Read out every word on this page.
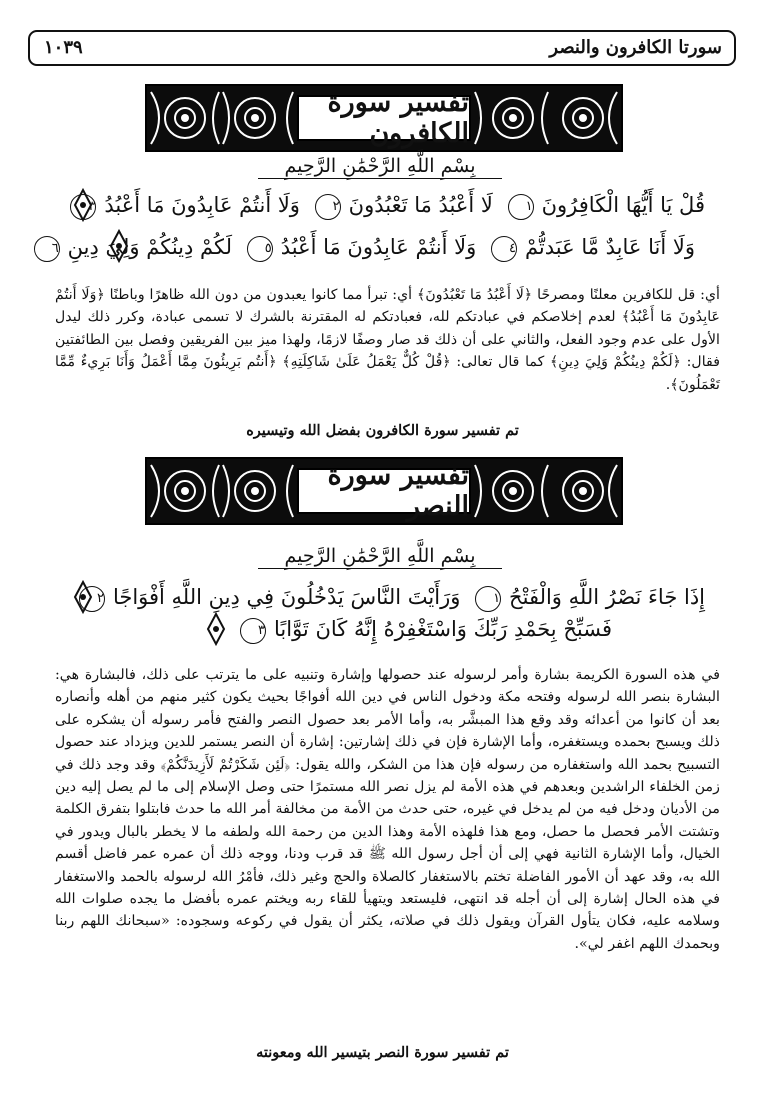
سورتا الكافرون والنصر
١٠٣٩
تفسير سورة الكافرون
بِسْمِ اللَّهِ الرَّحْمَٰنِ الرَّحِيمِ
قُلْ يَا أَيُّهَا الْكَافِرُونَ١ لَا أَعْبُدُ مَا تَعْبُدُونَ٢ وَلَا أَنتُمْ عَابِدُونَ مَا أَعْبُدُ٣
وَلَا أَنَا عَابِدٌ مَّا عَبَدتُّمْ٤ وَلَا أَنتُمْ عَابِدُونَ مَا أَعْبُدُ٥ لَكُمْ دِينُكُمْ وَلِيَ دِينِ٦

أي: قل للكافرين معلنًا ومصرحًا ﴿لَا أَعْبُدُ مَا تَعْبُدُونَ﴾ أي: تبرأ مما كانوا يعبدون من دون الله ظاهرًا وباطنًا ﴿وَلَا أَنتُمْ عَابِدُونَ مَا أَعْبُدُ﴾ لعدم إخلاصكم في عبادتكم لله، فعبادتكم له المقترنة بالشرك لا تسمى عبادة، وكرر ذلك ليدل الأول على عدم وجود الفعل، والثاني على أن ذلك قد صار وصفًا لازمًا، ولهذا ميز بين الفريقين وفصل بين الطائفتين فقال: ﴿لَكُمْ دِينُكُمْ وَلِيَ دِينِ﴾ كما قال تعالى: ﴿قُلْ كُلٌّ يَعْمَلُ عَلَىٰ شَاكِلَتِهِ﴾ ﴿أَنتُم بَرِيئُونَ مِمَّا أَعْمَلُ وَأَنَا بَرِيءٌ مِّمَّا تَعْمَلُونَ﴾.

تم تفسير سورة الكافرون بفضل الله وتيسيره
تفسير سورة النصر
بِسْمِ اللَّهِ الرَّحْمَٰنِ الرَّحِيمِ
إِذَا جَاءَ نَصْرُ اللَّهِ وَالْفَتْحُ١ وَرَأَيْتَ النَّاسَ يَدْخُلُونَ فِي دِينِ اللَّهِ أَفْوَاجًا٢
فَسَبِّحْ بِحَمْدِ رَبِّكَ وَاسْتَغْفِرْهُ إِنَّهُ كَانَ تَوَّابًا٣

في هذه السورة الكريمة بشارة وأمر لرسوله عند حصولها وإشارة وتنبيه على ما يترتب على ذلك، فالبشارة هي: البشارة بنصر الله لرسوله وفتحه مكة ودخول الناس في دين الله أفواجًا بحيث يكون كثير منهم من أهله وأنصاره بعد أن كانوا من أعدائه وقد وقع هذا المبشَّر به، وأما الأمر بعد حصول النصر والفتح فأمر رسوله أن يشكره على ذلك ويسبح بحمده ويستغفره، وأما الإشارة فإن في ذلك إشارتين: إشارة أن النصر يستمر للدين ويزداد عند حصول التسبيح بحمد الله واستغفاره من رسوله فإن هذا من الشكر، والله يقول: ﴿لَئِن شَكَرْتُمْ لَأَزِيدَنَّكُمْ﴾ وقد وجد ذلك في زمن الخلفاء الراشدين وبعدهم في هذه الأمة لم يزل نصر الله مستمرًا حتى وصل الإسلام إلى ما لم يصل إليه دين من الأديان ودخل فيه من لم يدخل في غيره، حتى حدث من الأمة من مخالفة أمر الله ما حدث فابتلوا بتفرق الكلمة وتشتت الأمر فحصل ما حصل، ومع هذا فلهذه الأمة وهذا الدين من رحمة الله ولطفه ما لا يخطر بالبال ويدور في الخيال، وأما الإشارة الثانية فهي إلى أن أجل رسول الله ﷺ قد قرب ودنا، ووجه ذلك أن عمره عمر فاضل أقسم الله به، وقد عهد أن الأمور الفاضلة تختم بالاستغفار كالصلاة والحج وغير ذلك، فأمْرُ الله لرسوله بالحمد والاستغفار في هذه الحال إشارة إلى أن أجله قد انتهى، فليستعد ويتهيأ للقاء ربه ويختم عمره بأفضل ما يجده صلوات الله وسلامه عليه، فكان يتأول القرآن ويقول ذلك في صلاته، يكثر أن يقول في ركوعه وسجوده: «سبحانك اللهم ربنا وبحمدك اللهم اغفر لي».

تم تفسير سورة النصر بتيسير الله ومعونته
